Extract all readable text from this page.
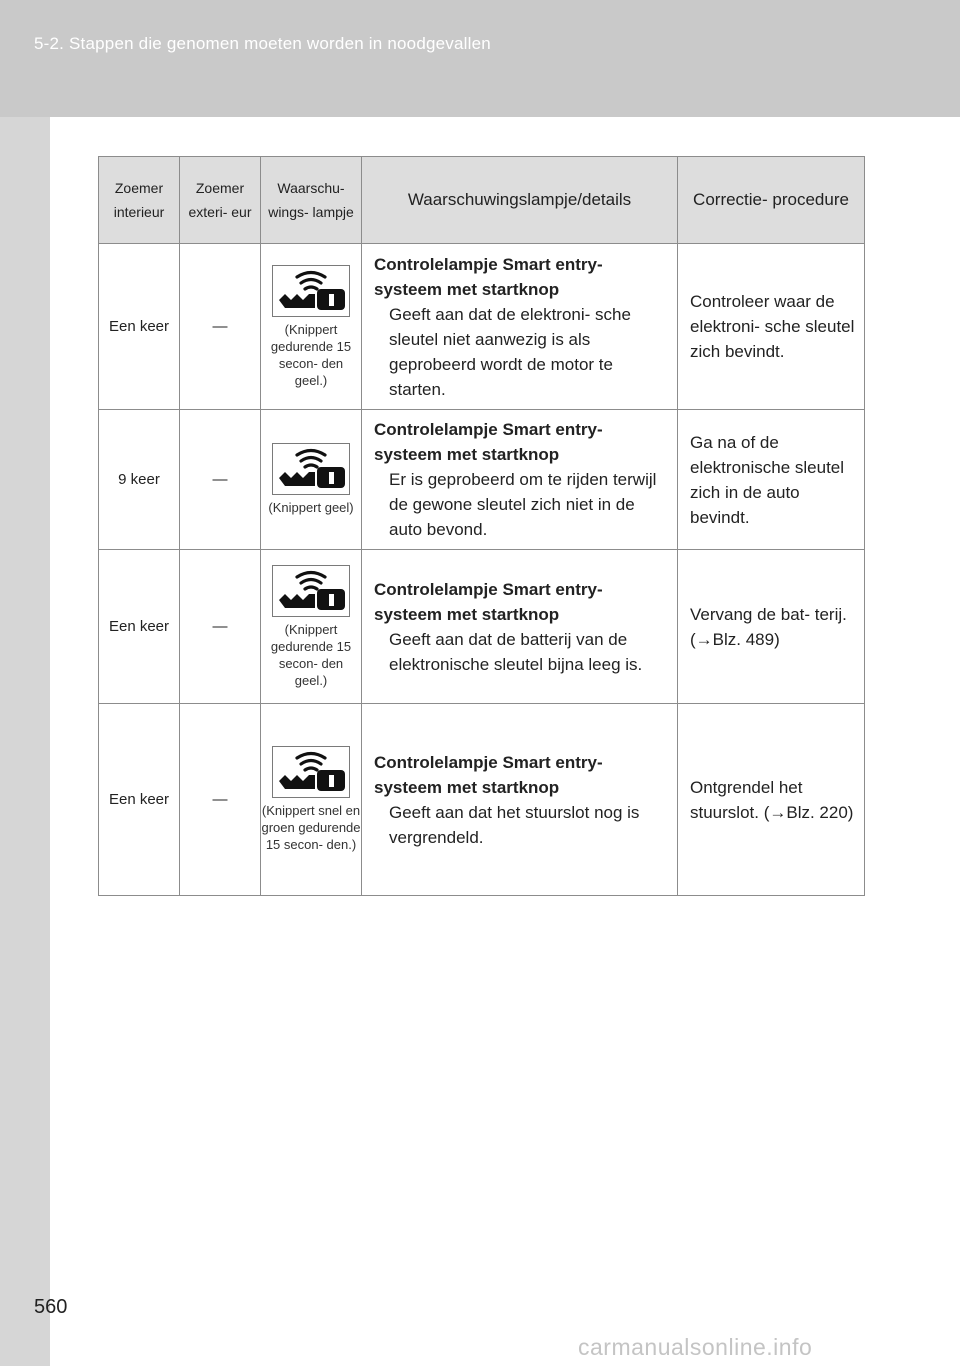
5-2. Stappen die genomen moeten worden in noodgevallen
Zoemer interieur	Zoemer exteri- eur	Waarschu- wings- lampje	Waarschuwingslampje/details	Correctie- procedure
Een keer	—	(Knippert gedurende 15 secon- den geel.)	Controlelampje Smart entry- systeem met startknop
Geeft aan dat de elektroni- sche sleutel niet aanwezig is als geprobeerd wordt de motor te starten.	Controleer waar de elektroni- sche sleutel zich bevindt.
9 keer	—	(Knippert geel)	Controlelampje Smart entry- systeem met startknop
Er is geprobeerd om te rijden terwijl de gewone sleutel zich niet in de auto bevond.	Ga na of de elektronische sleutel zich in de auto bevindt.
Een keer	—	(Knippert gedurende 15 secon- den geel.)	Controlelampje Smart entry- systeem met startknop
Geeft aan dat de batterij van de elektronische sleutel bijna leeg is.	Vervang de bat- terij. (→Blz. 489)
Een keer	—	(Knippert snel en groen gedurende 15 secon- den.)	Controlelampje Smart entry- systeem met startknop
Geeft aan dat het stuurslot nog is vergrendeld.	Ontgrendel het stuurslot. (→Blz. 220)
560
carmanualsonline.info
